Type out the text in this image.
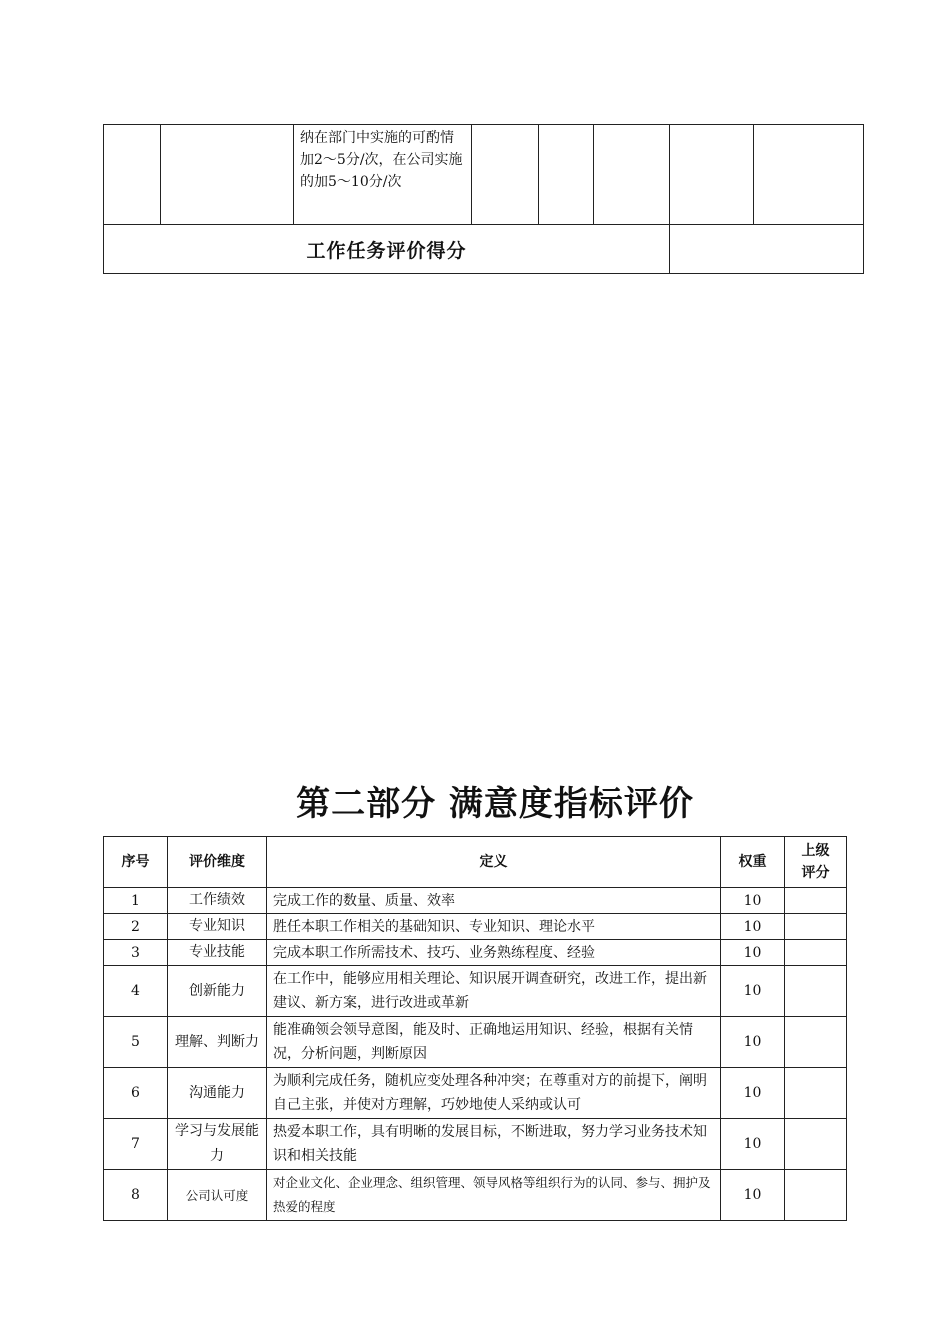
		纳在部门中实施的可酌情加2～5分/次，在公司实施的加5～10分/次					
工作任务评价得分							
第二部分 满意度指标评价
序号	评价维度	定义	权重	上级评分
1	工作绩效	完成工作的数量、质量、效率	10	
2	专业知识	胜任本职工作相关的基础知识、专业知识、理论水平	10	
3	专业技能	完成本职工作所需技术、技巧、业务熟练程度、经验	10	
4	创新能力	在工作中，能够应用相关理论、知识展开调查研究，改进工作，提出新建议、新方案，进行改进或革新	10	
5	理解、判断力	能准确领会领导意图，能及时、正确地运用知识、经验，根据有关情况，分析问题，判断原因	10	
6	沟通能力	为顺利完成任务，随机应变处理各种冲突；在尊重对方的前提下，阐明自己主张，并使对方理解，巧妙地使人采纳或认可	10	
7	学习与发展能力	热爱本职工作，具有明晰的发展目标，不断进取，努力学习业务技术知识和相关技能	10	
8	公司认可度	对企业文化、企业理念、组织管理、领导风格等组织行为的认同、参与、拥护及热爱的程度	10	
